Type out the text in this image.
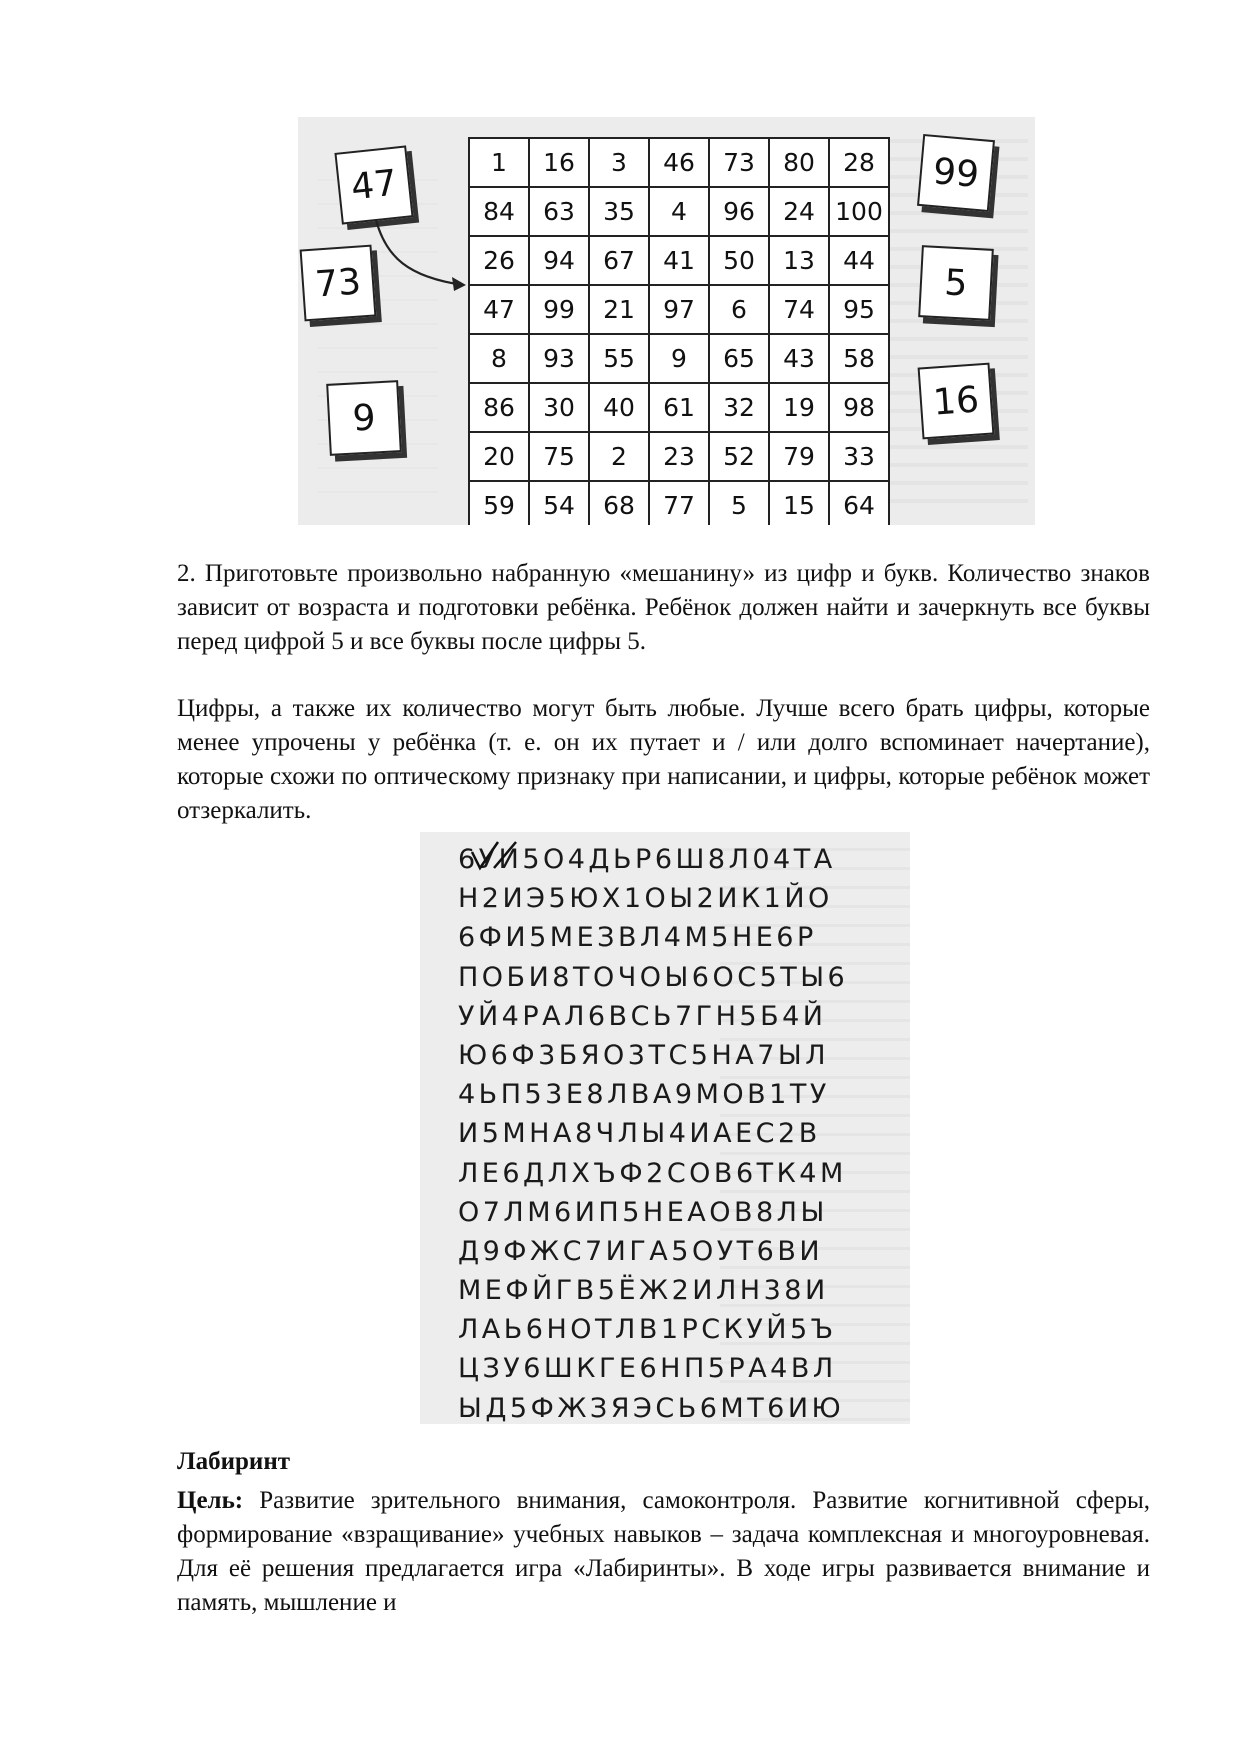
1	16	3	46	73	80	28
84	63	35	4	96	24	100
26	94	67	41	50	13	44
47	99	21	97	6	74	95
8	93	55	9	65	43	58
86	30	40	61	32	19	98
20	75	2	23	52	79	33
59	54	68	77	5	15	64
47
73
9
99
5
16

2. Приготовьте произвольно набранную «мешанину» из цифр и букв. Количество знаков зависит от возраста и подготовки ребёнка. Ребёнок должен найти и зачеркнуть все буквы перед цифрой 5 и все буквы после цифры 5.

Цифры, а также их количество могут быть любые. Лучше всего брать цифры, которые менее упрочены у ребёнка (т. е. он их путает и / или долго вспоминает начертание), которые схожи по оптическому признаку при написании, и цифры, которые ребёнок может отзеркалить.

6УИ5О4ДЬР6Ш8Л04ТА
Н2ИЭ5ЮХ1ОЫ2ИК1ЙО
6ФИ5МЕЗВЛ4М5НЕ6Р
ПОБИ8ТОЧОЫ6ОС5ТЫ6
УЙ4РАЛ6ВСЬ7ГН5Б4Й
Ю6Ф3БЯО3ТС5НА7ЫЛ
4ЬП53Е8ЛВА9МОВ1ТУ
И5МНА8ЧЛЫ4ИАЕС2В
ЛЕ6ДЛХЪФ2СОВ6ТК4М
О7ЛМ6ИП5НЕАОВ8ЛЫ
Д9ФЖС7ИГА5ОУТ6ВИ
МЕФЙГВ5ЁЖ2ИЛН38И
ЛАЬ6НОТЛВ1РСКУЙ5Ъ
ЦЗУ6ШКГЕ6НП5РА4ВЛ
ЫД5ФЖЗЯЭСЬ6МТ6ИЮ
Лабиринт

Цель: Развитие зрительного внимания, самоконтроля. Развитие когнитивной сферы, формирование «взращивание» учебных навыков – задача комплексная и многоуровневая. Для её решения предлагается игра «Лабиринты». В ходе игры развивается внимание и память, мышление и
